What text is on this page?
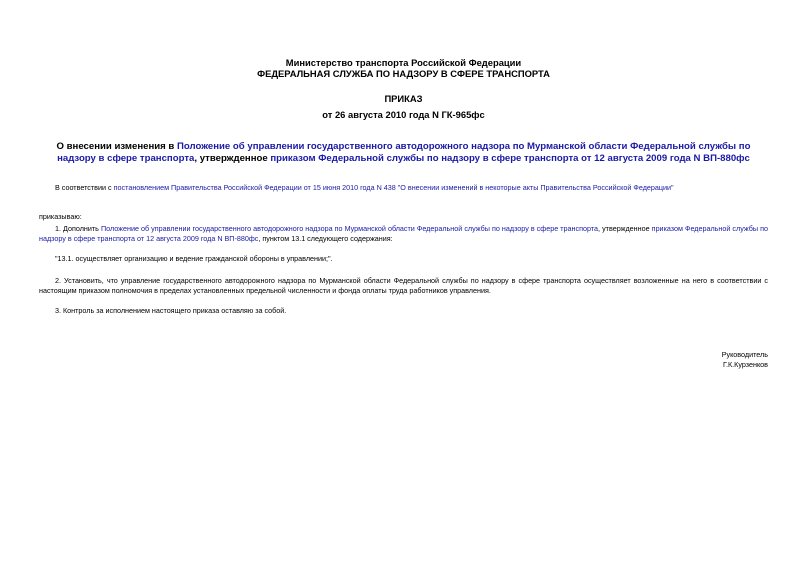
Министерство транспорта Российской Федерации
ФЕДЕРАЛЬНАЯ СЛУЖБА ПО НАДЗОРУ В СФЕРЕ ТРАНСПОРТА
ПРИКАЗ
от 26 августа 2010 года N ГК-965фс
О внесении изменения в Положение об управлении государственного автодорожного надзора по Мурманской области Федеральной службы по надзору в сфере транспорта, утвержденное приказом Федеральной службы по надзору в сфере транспорта от 12 августа 2009 года N ВП-880фс
В соответствии с постановлением Правительства Российской Федерации от 15 июня 2010 года N 438 "О внесении изменений в некоторые акты Правительства Российской Федерации"
приказываю:
1. Дополнить Положение об управлении государственного автодорожного надзора по Мурманской области Федеральной службы по надзору в сфере транспорта, утвержденное приказом Федеральной службы по надзору в сфере транспорта от 12 августа 2009 года N ВП-880фс, пунктом 13.1 следующего содержания:
"13.1. осуществляет организацию и ведение гражданской обороны в управлении;".
2. Установить, что управление государственного автодорожного надзора по Мурманской области Федеральной службы по надзору в сфере транспорта осуществляет возложенные на него в соответствии с настоящим приказом полномочия в пределах установленных предельной численности и фонда оплаты труда работников управления.
3. Контроль за исполнением настоящего приказа оставляю за собой.
Руководитель
Г.К.Курзенков
